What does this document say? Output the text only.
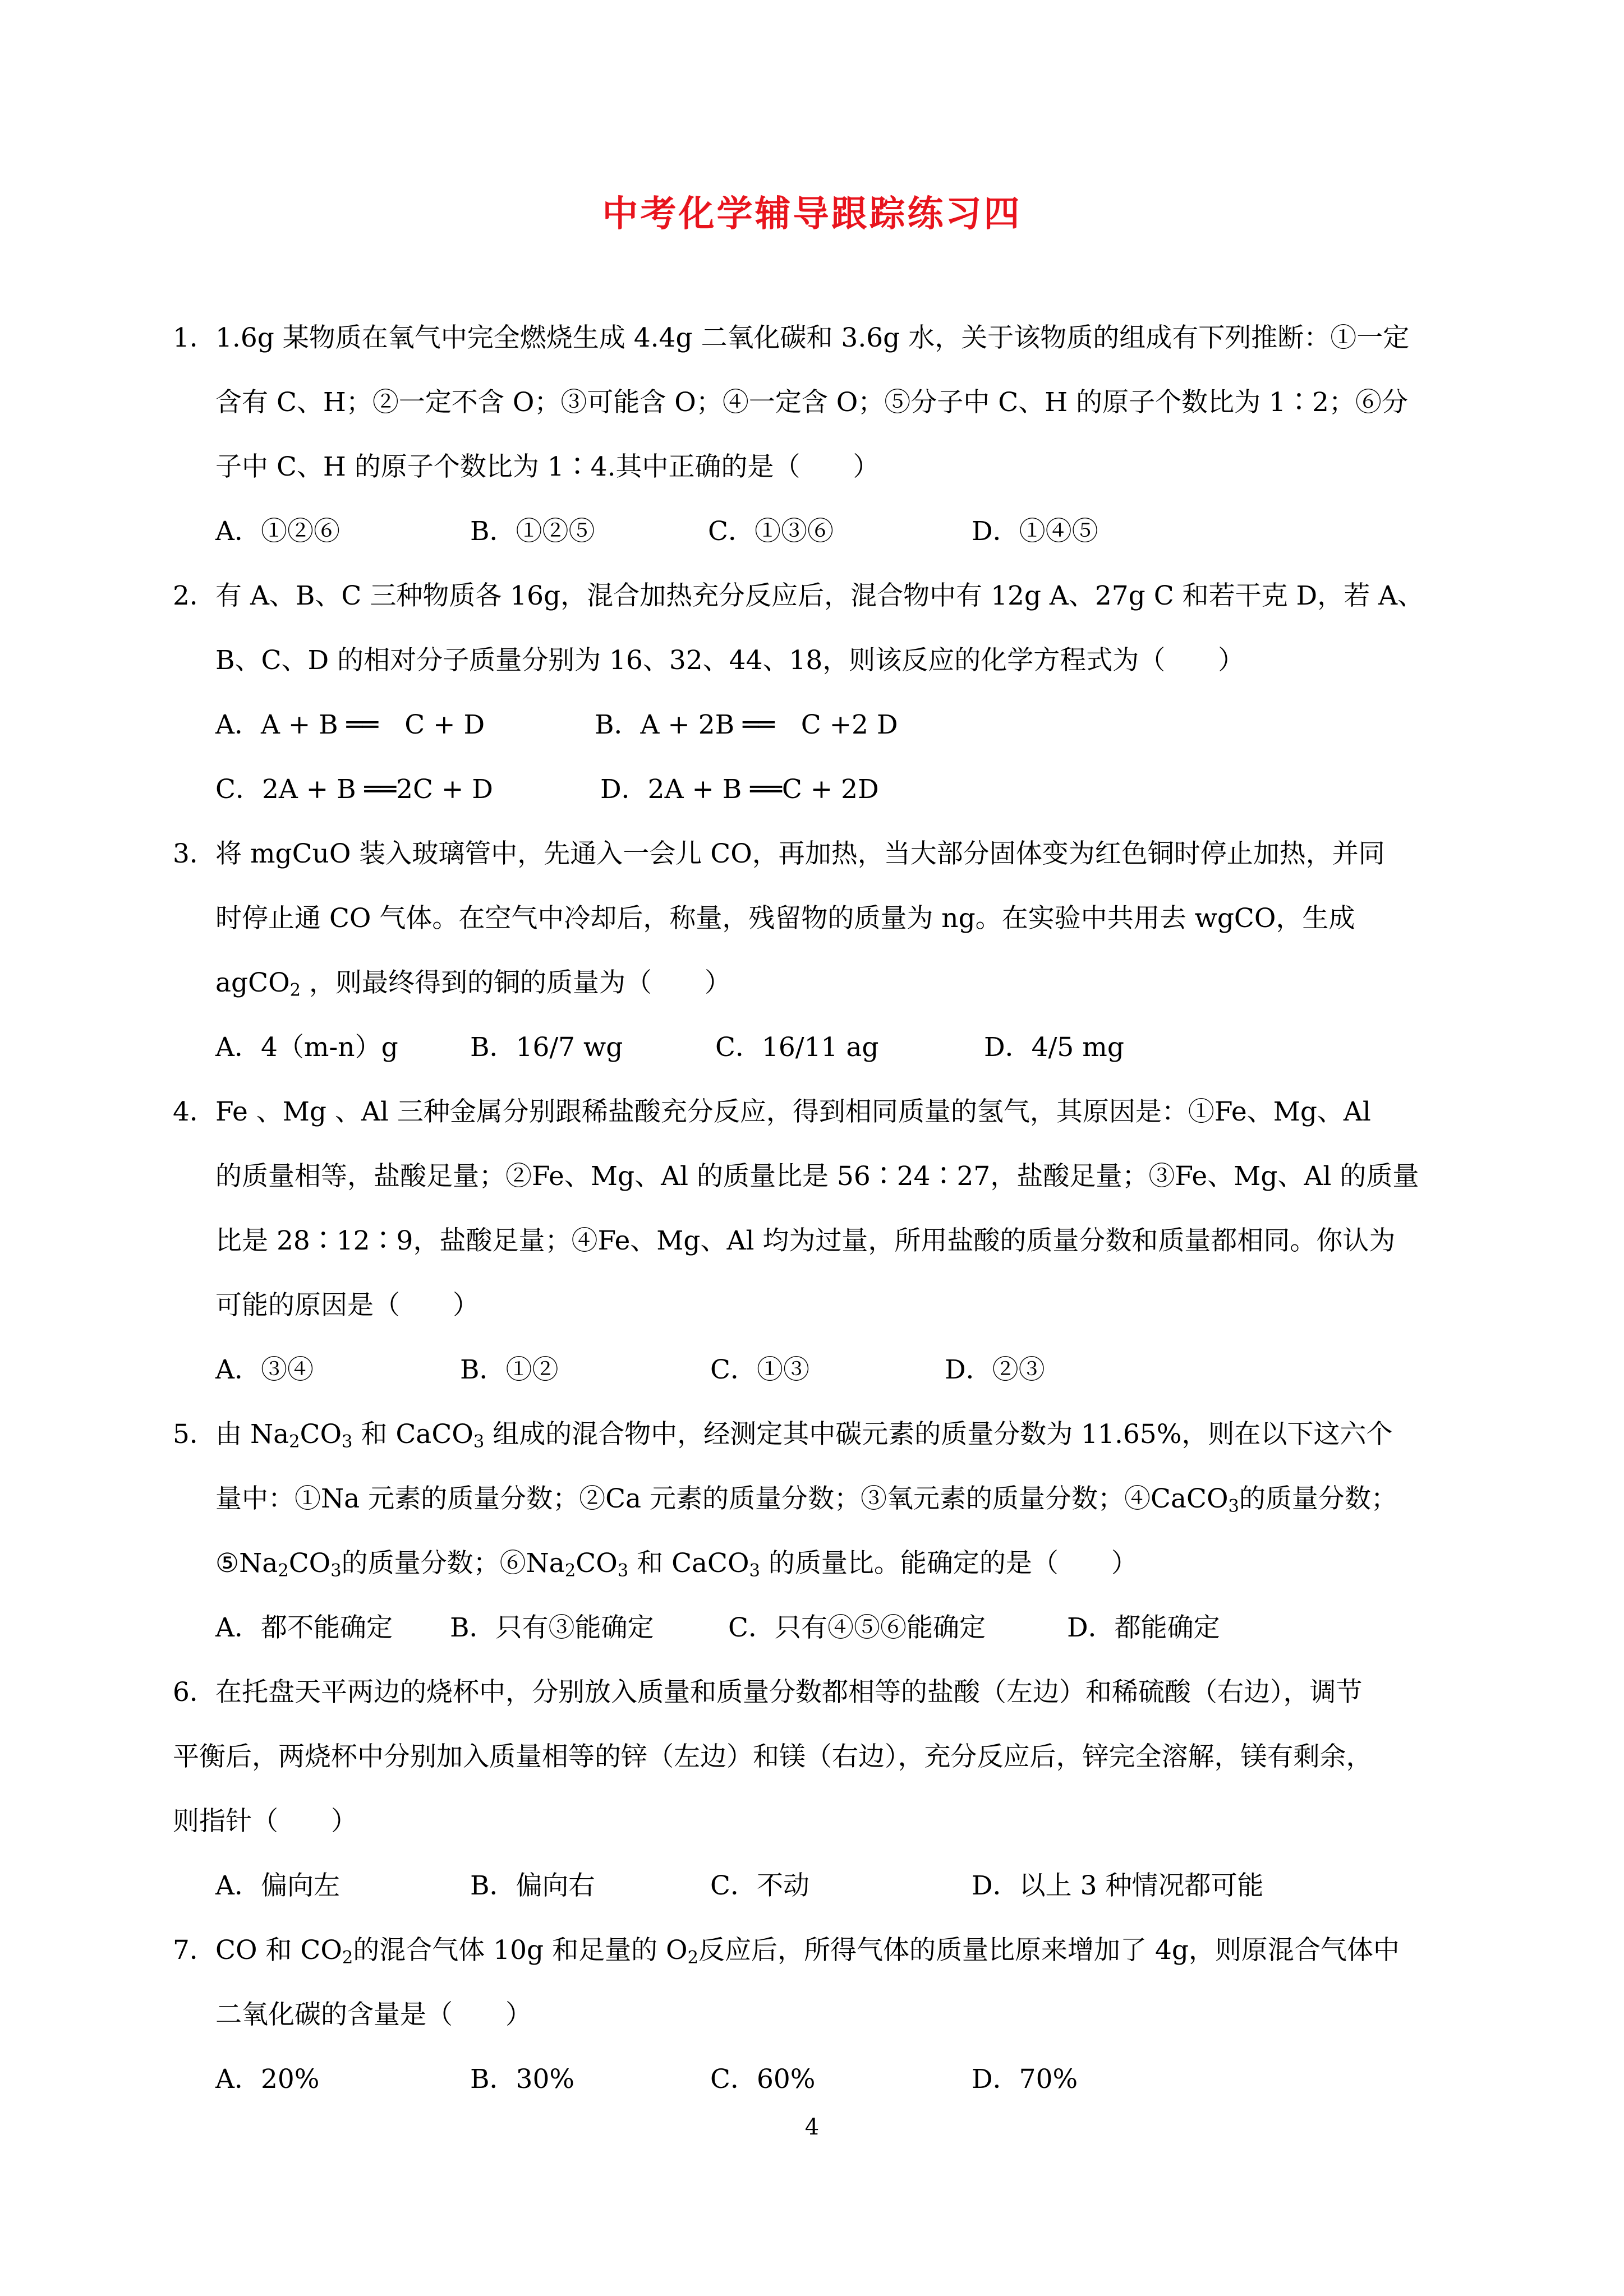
中考化学辅导跟踪练习四
1．1.6g 某物质在氧气中完全燃烧生成 4.4g 二氧化碳和 3.6g 水，关于该物质的组成有下列推断：①一定
含有 C、H；②一定不含 O；③可能含 O；④一定含 O；⑤分子中 C、H 的原子个数比为 1∶2；⑥分
子中 C、H 的原子个数比为 1∶4.其中正确的是（　　）
A．①②⑥	B．①②⑤	C．①③⑥	D．①④⑤
2．有 A、B、C 三种物质各 16g，混合加热充分反应后，混合物中有 12g A、27g C 和若干克 D，若 A、
B、C、D 的相对分子质量分别为 16、32、44、18，则该反应的化学方程式为（　　）
A．A + B ══　C + D	B．A + 2B ══　C +2 D
C．2A + B ══2C + D	D．2A + B ══C + 2D
3．将 mgCuO 装入玻璃管中，先通入一会儿 CO，再加热，当大部分固体变为红色铜时停止加热，并同
时停止通 CO 气体。在空气中冷却后，称量，残留物的质量为 ng。在实验中共用去 wgCO，生成
agCO$_2$ ，则最终得到的铜的质量为（　　）
A．4（m-n）g	B．16/7 wg	C．16/11 ag	D．4/5 mg
4．Fe 、Mg 、Al 三种金属分别跟稀盐酸充分反应，得到相同质量的氢气，其原因是：①Fe、Mg、Al
的质量相等，盐酸足量；②Fe、Mg、Al 的质量比是 56∶24∶27，盐酸足量；③Fe、Mg、Al 的质量
比是 28∶12∶9，盐酸足量；④Fe、Mg、Al 均为过量，所用盐酸的质量分数和质量都相同。你认为
可能的原因是（　　）
A．③④	B．①②	C．①③	D．②③
5．由 $Na_2CO_3$ 和 CaCO$_3$ 组成的混合物中，经测定其中碳元素的质量分数为 11.65%，则在以下这六个
量中：①Na 元素的质量分数；②Ca 元素的质量分数；③氧元素的质量分数；④CaCO$_3$的质量分数；
$⑤Na_2CO_3$的质量分数；$⑥Na_2CO_3$ 和 CaCO$_3$ 的质量比。能确定的是（　　）
A．都不能确定 B．只有③能确定	C．只有④⑤⑥能确定	D．都能确定
6．在托盘天平两边的烧杯中，分别放入质量和质量分数都相等的盐酸（左边）和稀硫酸（右边），调节
平衡后，两烧杯中分别加入质量相等的锌（左边）和镁（右边），充分反应后，锌完全溶解，镁有剩余，
则指针（　　）
A．偏向左	B．偏向右	C．不动	D．以上 3 种情况都可能
7．CO 和 $CO_2$的混合气体 10g 和足量的 $O_2$反应后，所得气体的质量比原来增加了 4g，则原混合气体中
二氧化碳的含量是（　　）
A．20%	B．30%	C．60%	D．70%
4
